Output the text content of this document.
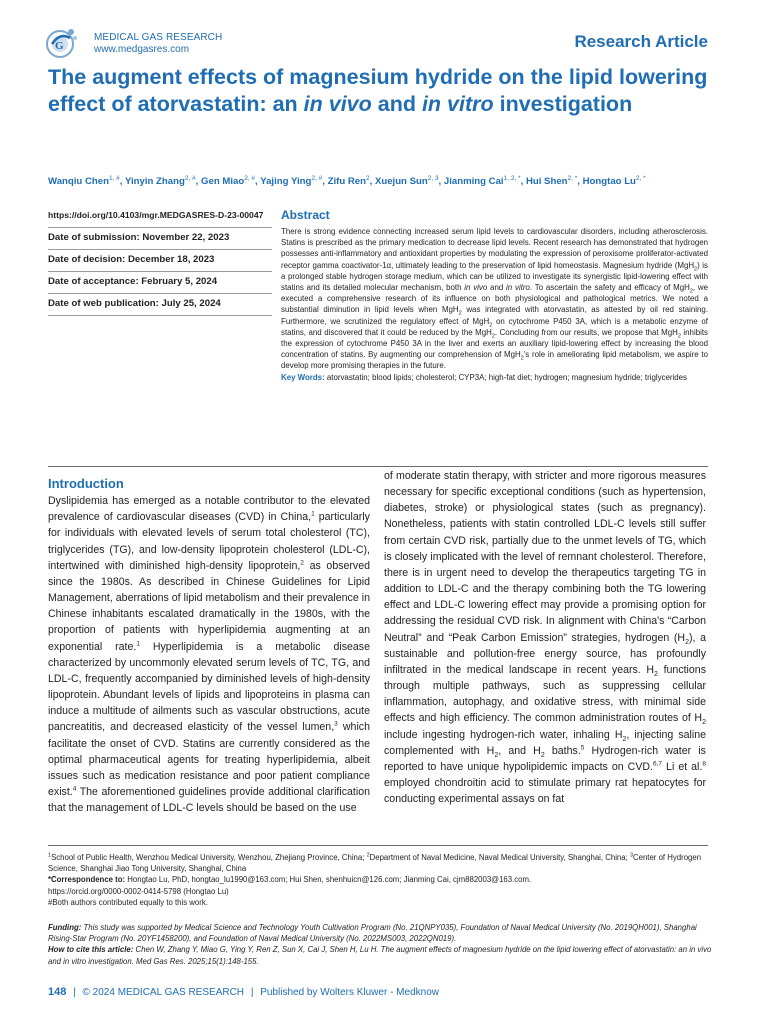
G
MEDICAL GAS RESEARCH
www.medgasres.com	Research Article
The augment effects of magnesium hydride on the lipid lowering effect of atorvastatin: an in vivo and in vitro investigation
Wanqiu Chen$^{1, \#}$, Yinyin Zhang$^{2, \#}$, Gen Miao$^{2, \#}$, Yajing Ying$^{2, \#}$, Zifu Ren$^2$, Xuejun Sun$^{2, 3}$, Jianming Cai$^{1, 2, *}$, Hui Shen$^{2, *}$, Hongtao $Lu^{2, *}$
https://doi.org/10.4103/mgr.MEDGASRES-D-23-00047
Date of submission: November 22, 2023
Date of decision: December 18, 2023
Date of acceptance: February 5, 2024
Date of web publication: July 25, 2024
Abstract

There is strong evidence connecting increased serum lipid levels to cardiovascular disorders, including atherosclerosis. Statins is prescribed as the primary medication to decrease lipid levels. Recent research has demonstrated that hydrogen possesses anti-inflammatory and antioxidant properties by modulating the expression of peroxisome proliferator-activated receptor gamma coactivator-1α, ultimately leading to the preservation of lipid homeostasis. Magnesium hydride (MgH$_2$) is a prolonged stable hydrogen storage medium, which can be utilized to investigate its synergistic lipid-lowering effect with statins and its detailed molecular mechanism, both in vivo and in vitro. To ascertain the safety and efficacy of MgH$_2$, we executed a comprehensive research of its influence on both physiological and pathological metrics. We noted a substantial diminution in lipid levels when MgH$_2$ was integrated with atorvastatin, as attested by oil red staining. Furthermore, we scrutinized the regulatory effect of MgH$_2$ on cytochrome P450 3A, which is a metabolic enzyme of statins, and discovered that it could be reduced by the MgH$_2$. Concluding from our results, we propose that MgH$_2$ inhibits the expression of cytochrome P450 3A in the liver and exerts an auxiliary lipid-lowering effect by increasing the blood concentration of statins. By augmenting our comprehension of MgH$_2$'s role in ameliorating lipid metabolism, we aspire to develop more promising therapies in the future.

Key Words: atorvastatin; blood lipids; cholesterol; CYP3A; high-fat diet; hydrogen; magnesium hydride; triglycerides

Introduction

Dyslipidemia has emerged as a notable contributor to the elevated prevalence of cardiovascular diseases (CVD) in China,$^1$ particularly for individuals with elevated levels of serum total cholesterol (TC), triglycerides (TG), and low-density lipoprotein cholesterol (LDL-C), intertwined with diminished high-density lipoprotein,$^2$ as observed since the 1980s. As described in Chinese Guidelines for Lipid Management, aberrations of lipid metabolism and their prevalence in Chinese inhabitants escalated dramatically in the 1980s, with the proportion of patients with hyperlipidemia augmenting at an exponential rate.$^1$ Hyperlipidemia is a metabolic disease characterized by uncommonly elevated serum levels of TC, TG, and LDL-C, frequently accompanied by diminished levels of high-density lipoprotein. Abundant levels of lipids and lipoproteins in plasma can induce a multitude of ailments such as vascular obstructions, acute pancreatitis, and decreased elasticity of the vessel lumen,$^3$ which facilitate the onset of CVD. Statins are currently considered as the optimal pharmaceutical agents for treating hyperlipidemia, albeit issues such as medication resistance and poor patient compliance exist.$^4$ The aforementioned guidelines provide additional clarification that the management of LDL-C levels should be based on the use

of moderate statin therapy, with stricter and more rigorous measures necessary for specific exceptional conditions (such as hypertension, diabetes, stroke) or physiological states (such as pregnancy). Nonetheless, patients with statin controlled LDL-C levels still suffer from certain CVD risk, partially due to the unmet levels of TG, which is closely implicated with the level of remnant cholesterol. Therefore, there is in urgent need to develop the therapeutics targeting TG in addition to LDL-C and the therapy combining both the TG lowering effect and LDL-C lowering effect may provide a promising option for addressing the residual CVD risk. In alignment with China's “Carbon Neutral” and “Peak Carbon Emission” strategies, hydrogen $(H_2)$, a sustainable and pollution-free energy source, has profoundly infiltrated in the medical landscape in recent years. $H_2$ functions through multiple pathways, such as suppressing cellular inflammation, autophagy, and oxidative stress, with minimal side effects and high efficiency. The common administration routes of $H_2$ include ingesting hydrogen-rich water, inhaling $H_2$, injecting saline complemented with $H_2$, and $H_2$ baths.$^5$ Hydrogen-rich water is reported to have unique hypolipidemic impacts on CVD.$^{6,7}$ Li et al.$^8$ employed chondroitin acid to stimulate primary rat hepatocytes for conducting experimental assays on fat

$^1$School of Public Health, Wenzhou Medical University, Wenzhou, Zhejiang Province, China; $^2$Department of Naval Medicine, Naval Medical University, Shanghai, China; $^3$Center of Hydrogen Science, Shanghai Jiao Tong University, Shanghai, China

*Correspondence to: Hongtao Lu, PhD, hongtao_lu1990@163.com; Hui Shen, shenhuicn@126.com; Jianming Cai, cjm882003@163.com.

https://orcid.org/0000-0002-0414-5798 (Hongtao Lu)

#Both authors contributed equally to this work.

Funding: This study was supported by Medical Science and Technology Youth Cultivation Program (No. 21QNPY035), Foundation of Naval Medical University (No. 2019QH001), Shanghai Rising-Star Program (No. 20YF1458200), and Foundation of Naval Medical University (No. 2022MS003, 2022QN019).

How to cite this article: Chen W, Zhang Y, Miao G, Ying Y, Ren Z, Sun X, Cai J, Shen H, Lu H. The augment effects of magnesium hydride on the lipid lowering effect of atorvastatin: an in vivo and in vitro investigation. Med Gas Res. 2025;15(1):148-155.

148 | © 2024 MEDICAL GAS RESEARCH | Published by Wolters Kluwer - Medknow
